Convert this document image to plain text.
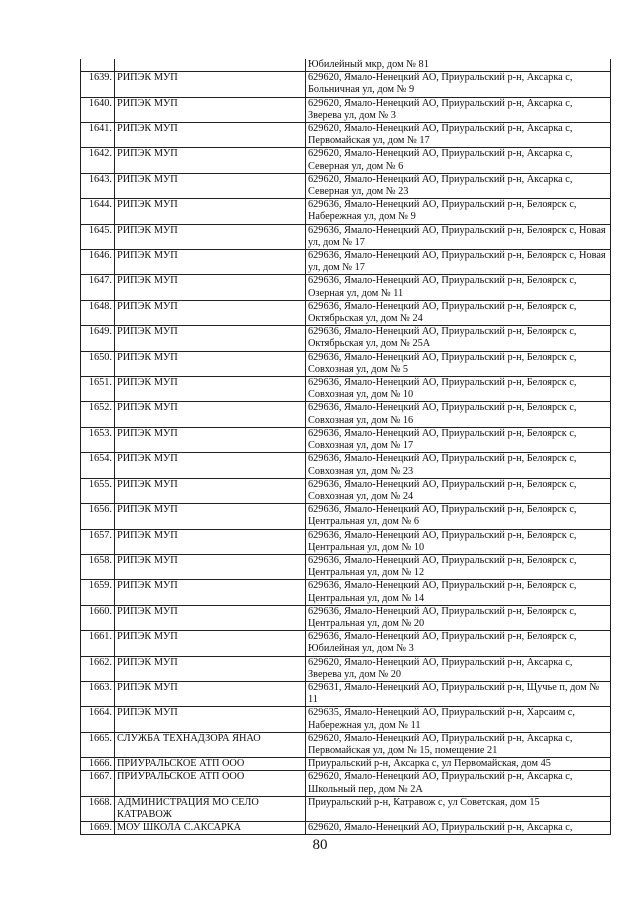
		Юбилейный мкр, дом № 81
1639.	РИПЭК МУП	629620, Ямало-Ненецкий АО, Приуральский р-н, Аксарка с, Больничная ул, дом № 9
1640.	РИПЭК МУП	629620, Ямало-Ненецкий АО, Приуральский р-н, Аксарка с, Зверева ул, дом № 3
1641.	РИПЭК МУП	629620, Ямало-Ненецкий АО, Приуральский р-н, Аксарка с, Первомайская ул, дом № 17
1642.	РИПЭК МУП	629620, Ямало-Ненецкий АО, Приуральский р-н, Аксарка с, Северная ул, дом № 6
1643.	РИПЭК МУП	629620, Ямало-Ненецкий АО, Приуральский р-н, Аксарка с, Северная ул, дом № 23
1644.	РИПЭК МУП	629636, Ямало-Ненецкий АО, Приуральский р-н, Белоярск с, Набережная ул, дом № 9
1645.	РИПЭК МУП	629636, Ямало-Ненецкий АО, Приуральский р-н, Белоярск с, Новая ул, дом № 17
1646.	РИПЭК МУП	629636, Ямало-Ненецкий АО, Приуральский р-н, Белоярск с, Новая ул, дом № 17
1647.	РИПЭК МУП	629636, Ямало-Ненецкий АО, Приуральский р-н, Белоярск с, Озерная ул, дом № 11
1648.	РИПЭК МУП	629636, Ямало-Ненецкий АО, Приуральский р-н, Белоярск с, Октябрьская ул, дом № 24
1649.	РИПЭК МУП	629636, Ямало-Ненецкий АО, Приуральский р-н, Белоярск с, Октябрьская ул, дом № 25А
1650.	РИПЭК МУП	629636, Ямало-Ненецкий АО, Приуральский р-н, Белоярск с, Совхозная ул, дом № 5
1651.	РИПЭК МУП	629636, Ямало-Ненецкий АО, Приуральский р-н, Белоярск с, Совхозная ул, дом № 10
1652.	РИПЭК МУП	629636, Ямало-Ненецкий АО, Приуральский р-н, Белоярск с, Совхозная ул, дом № 16
1653.	РИПЭК МУП	629636, Ямало-Ненецкий АО, Приуральский р-н, Белоярск с, Совхозная ул, дом № 17
1654.	РИПЭК МУП	629636, Ямало-Ненецкий АО, Приуральский р-н, Белоярск с, Совхозная ул, дом № 23
1655.	РИПЭК МУП	629636, Ямало-Ненецкий АО, Приуральский р-н, Белоярск с, Совхозная ул, дом № 24
1656.	РИПЭК МУП	629636, Ямало-Ненецкий АО, Приуральский р-н, Белоярск с, Центральная ул, дом № 6
1657.	РИПЭК МУП	629636, Ямало-Ненецкий АО, Приуральский р-н, Белоярск с, Центральная ул, дом № 10
1658.	РИПЭК МУП	629636, Ямало-Ненецкий АО, Приуральский р-н, Белоярск с, Центральная ул, дом № 12
1659.	РИПЭК МУП	629636, Ямало-Ненецкий АО, Приуральский р-н, Белоярск с, Центральная ул, дом № 14
1660.	РИПЭК МУП	629636, Ямало-Ненецкий АО, Приуральский р-н, Белоярск с, Центральная ул, дом № 20
1661.	РИПЭК МУП	629636, Ямало-Ненецкий АО, Приуральский р-н, Белоярск с, Юбилейная ул, дом № 3
1662.	РИПЭК МУП	629620, Ямало-Ненецкий АО, Приуральский р-н, Аксарка с, Зверева ул, дом № 20
1663.	РИПЭК МУП	629631, Ямало-Ненецкий АО, Приуральский р-н, Щучье п, дом № 11
1664.	РИПЭК МУП	629635, Ямало-Ненецкий АО, Приуральский р-н, Харсаим с, Набережная ул, дом № 11
1665.	СЛУЖБА ТЕХНАДЗОРА ЯНАО	629620, Ямало-Ненецкий АО, Приуральский р-н, Аксарка с, Первомайская ул, дом № 15, помещение 21
1666.	ПРИУРАЛЬСКОЕ АТП ООО	Приуральский р-н, Аксарка с, ул Первомайская, дом 45
1667.	ПРИУРАЛЬСКОЕ АТП ООО	629620, Ямало-Ненецкий АО, Приуральский р-н, Аксарка с, Школьный пер, дом № 2А
1668.	АДМИНИСТРАЦИЯ МО СЕЛО КАТРАВОЖ	Приуральский р-н, Катравож с, ул Советская, дом 15
1669.	МОУ ШКОЛА С.АКСАРКА	629620, Ямало-Ненецкий АО, Приуральский р-н, Аксарка с,
80
